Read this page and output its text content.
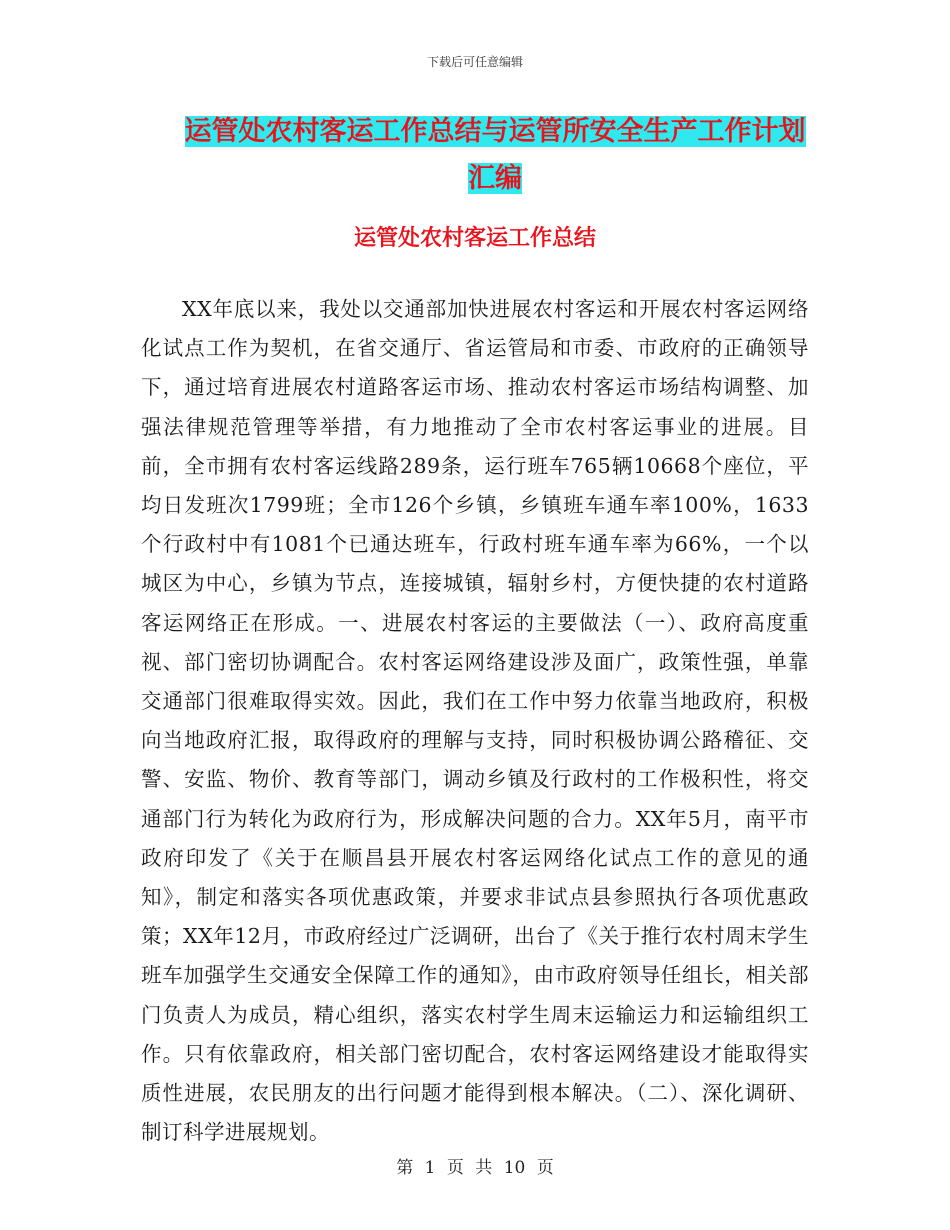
下载后可任意编辑
运管处农村客运工作总结与运管所安全生产工作计划
汇编
运管处农村客运工作总结

XX年底以来，我处以交通部加快进展农村客运和开展农村客运网络化试点工作为契机，在省交通厅、省运管局和市委、市政府的正确领导下，通过培育进展农村道路客运市场、推动农村客运市场结构调整、加强法律规范管理等举措，有力地推动了全市农村客运事业的进展。目前，全市拥有农村客运线路289条，运行班车765辆10668个座位，平均日发班次1799班；全市126个乡镇，乡镇班车通车率100%，1633个行政村中有1081个已通达班车，行政村班车通车率为66%，一个以城区为中心，乡镇为节点，连接城镇，辐射乡村，方便快捷的农村道路客运网络正在形成。一、进展农村客运的主要做法（一）、政府高度重视、部门密切协调配合。农村客运网络建设涉及面广，政策性强，单靠交通部门很难取得实效。因此，我们在工作中努力依靠当地政府，积极向当地政府汇报，取得政府的理解与支持，同时积极协调公路稽征、交警、安监、物价、教育等部门，调动乡镇及行政村的工作极积性，将交通部门行为转化为政府行为，形成解决问题的合力。XX年5月，南平市政府印发了《关于在顺昌县开展农村客运网络化试点工作的意见的通知》，制定和落实各项优惠政策，并要求非试点县参照执行各项优惠政策；XX年12月，市政府经过广泛调研，出台了《关于推行农村周末学生班车加强学生交通安全保障工作的通知》，由市政府领导任组长，相关部门负责人为成员，精心组织，落实农村学生周末运输运力和运输组织工作。只有依靠政府，相关部门密切配合，农村客运网络建设才能取得实质性进展，农民朋友的出行问题才能得到根本解决。（二）、深化调研、制订科学进展规划。

第 1 页 共 10 页
